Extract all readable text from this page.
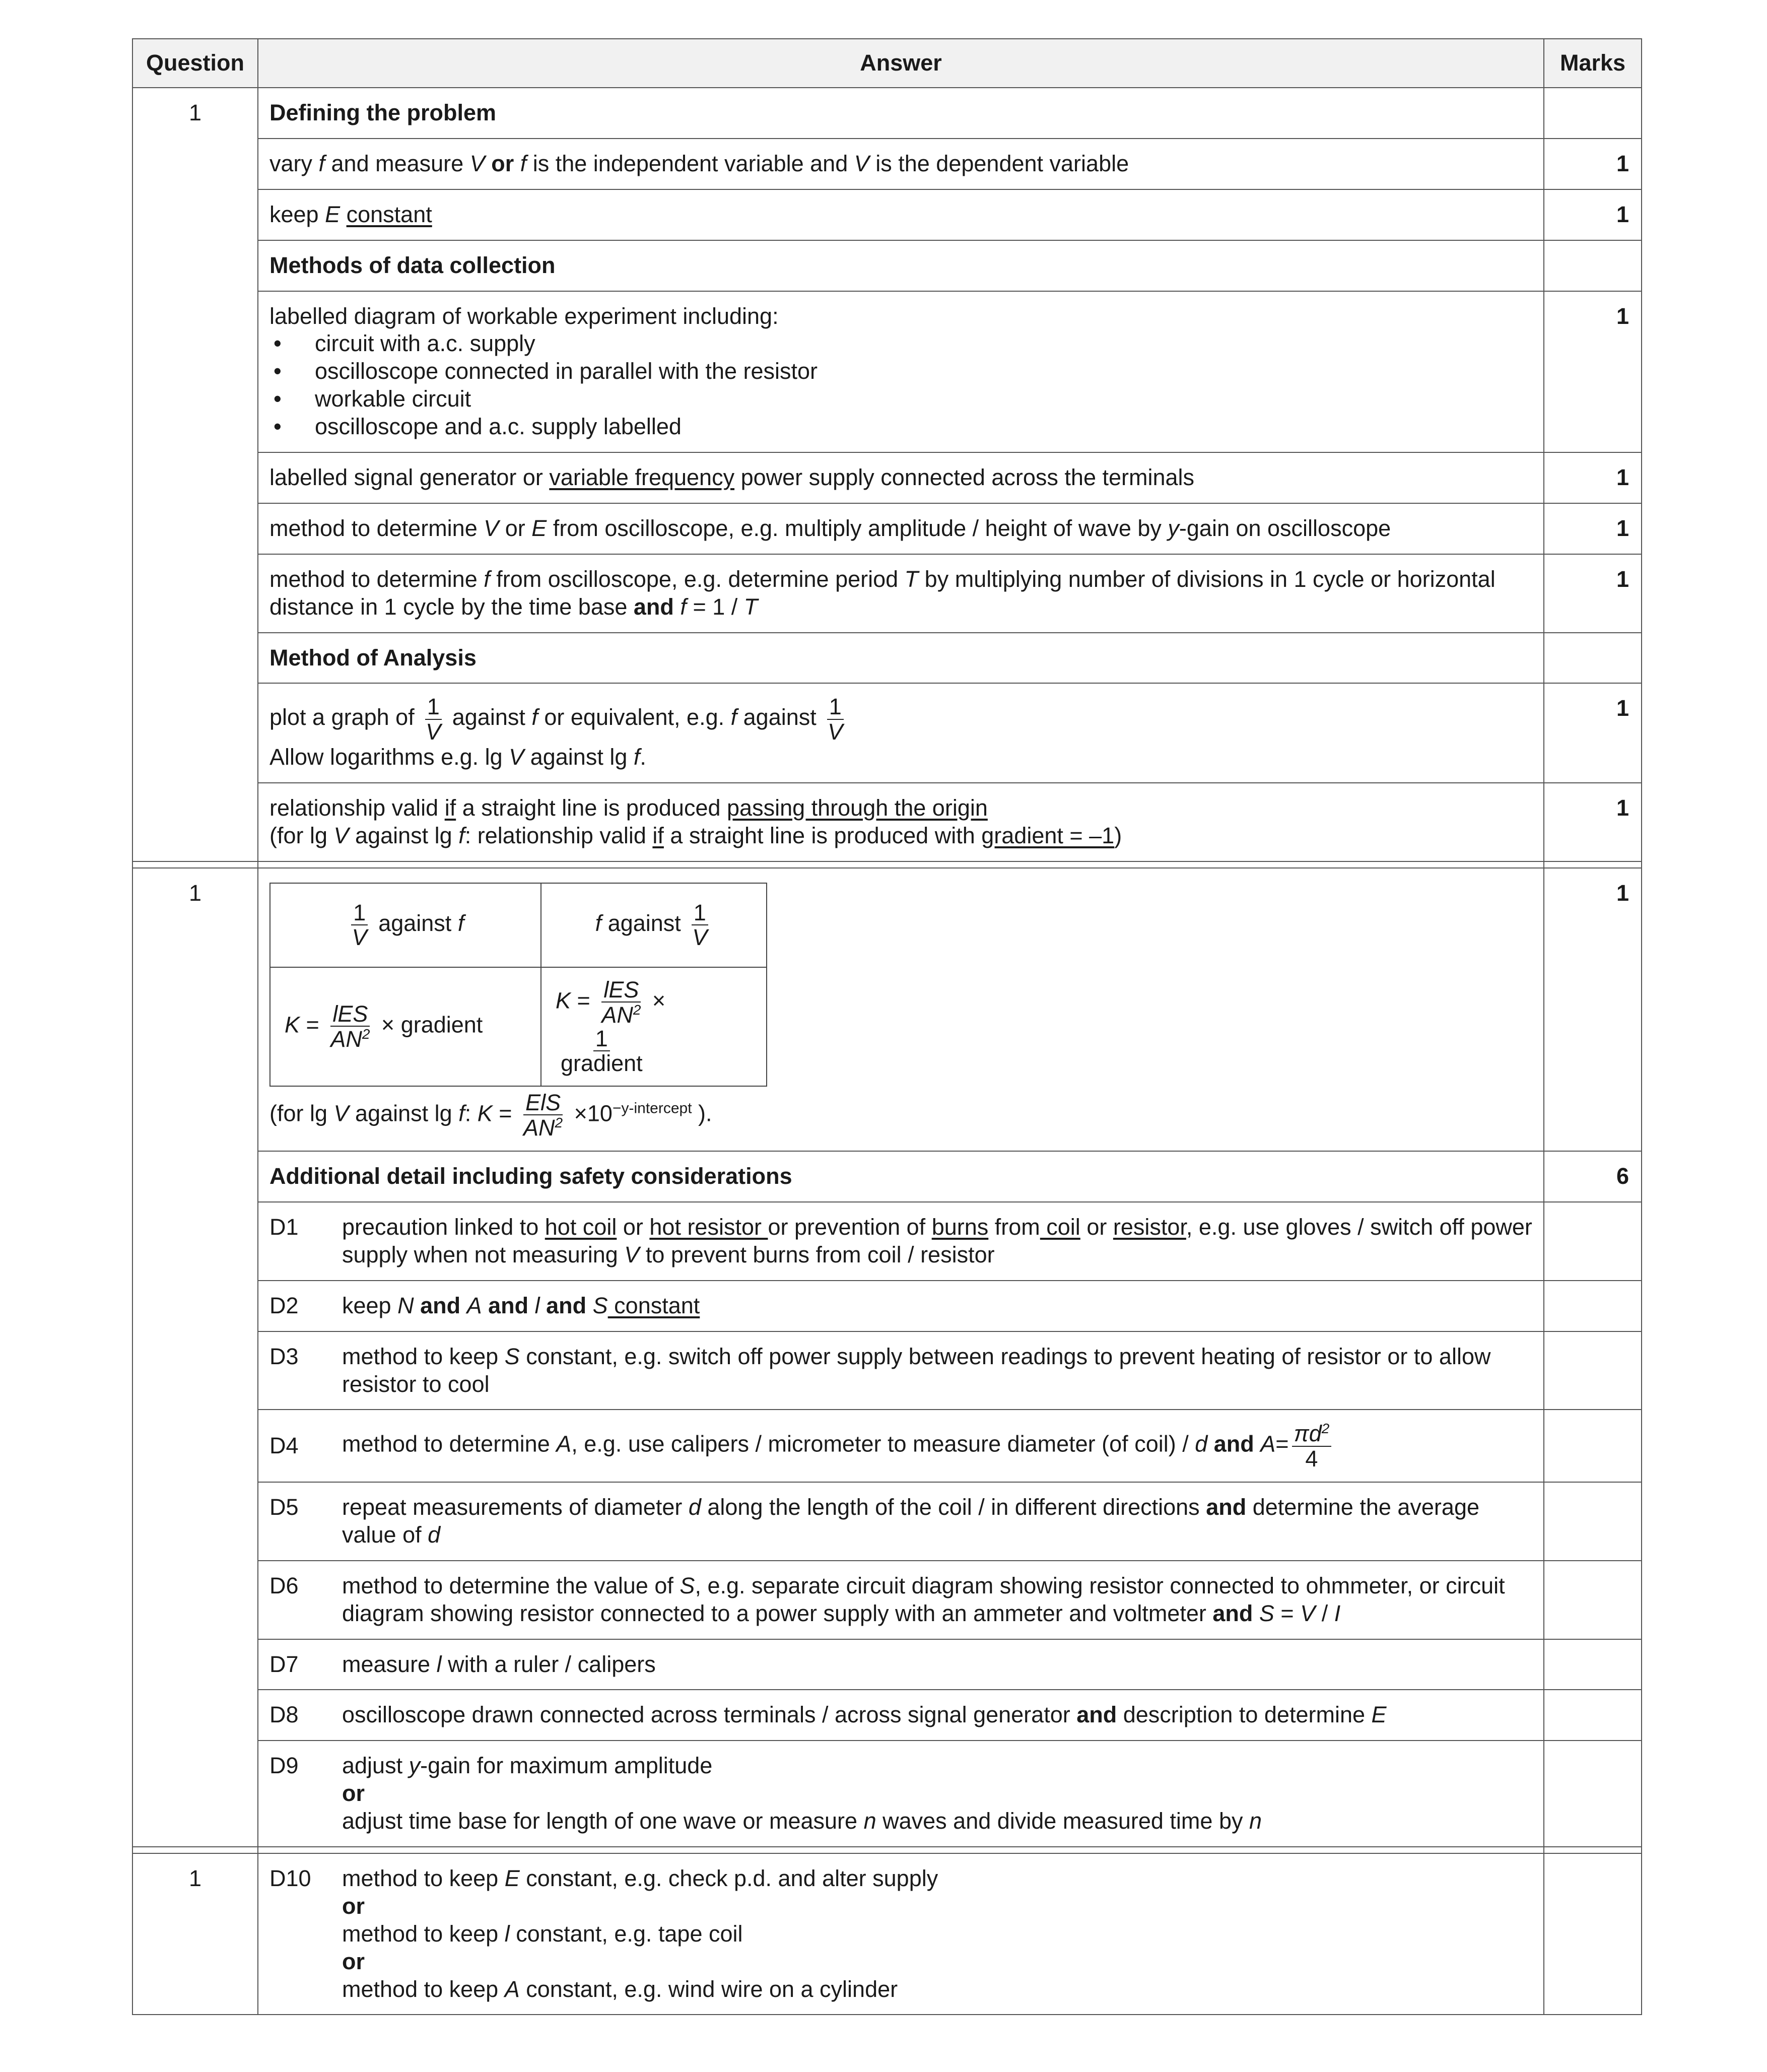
Question	Answer	Marks
1	Defining the problem	
vary f and measure V or f is the independent variable and V is the dependent variable	1
keep E constant	1
Methods of data collection	

labelled diagram of workable experiment including:
• circuit with a.c. supply
• oscilloscope connected in parallel with the resistor
• workable circuit
• oscilloscope and a.c. supply labelled
	1
labelled signal generator or variable frequency power supply connected across the terminals	1
method to determine V or E from oscilloscope, e.g. multiply amplitude / height of wave by y-gain on oscilloscope	1
method to determine f from oscilloscope, e.g. determine period T by multiplying number of divisions in 1 cycle or horizontal distance in 1 cycle by the time base and f = 1 / T	1
Method of Analysis	

plot a graph of $\frac{1}{V}$ against f or equivalent, e.g. f against $\frac{1}{V}$
Allow logarithms e.g. lg V against lg f.
	1

relationship valid if a straight line is produced passing through the origin
(for lg V against lg f: relationship valid if a straight line is produced with gradient = –1)
	1

1	
$\frac{1}{V}$ against f	f against $\frac{1}{V}$

$K = \frac{\text{lES}}{AN^2}$ × gradient	$K = \frac{\text{lES}}{AN^2}$ ×
$\frac{1}{\text{gradient}}$
(for lg V against lg f: $K = \frac{\text{ElS}}{AN^2} \times 10^{-y-intercept}$ ).
	1
Additional detail including safety considerations	6

D1	precaution linked to hot coil or hot resistor or prevention of burns from coil or resistor, e.g. use gloves / switch off power supply when not measuring V to prevent burns from coil / resistor

D2	keep N and A and l and S constant

D3	method to keep S constant, e.g. switch off power supply between readings to prevent heating of resistor or to allow resistor to cool

D4	method to determine A, e.g. use calipers / micrometer to measure diameter (of coil) / d and $A= \frac{\pi d^2}{4}$

D5	repeat measurements of diameter d along the length of the coil / in different directions and determine the average value of d

D6	method to determine the value of S, e.g. separate circuit diagram showing resistor connected to ohmmeter, or circuit diagram showing resistor connected to a power supply with an ammeter and voltmeter and S = V / I

D7	measure l with a ruler / calipers

D8	oscilloscope drawn connected across terminals / across signal generator and description to determine E

D9	adjust y-gain for maximum amplitude
or
adjust time base for length of one wave or measure n waves and divide measured time by n

1	D10	method to keep E constant, e.g. check p.d. and alter supply
or
method to keep l constant, e.g. tape coil
or
method to keep A constant, e.g. wind wire on a cylinder
